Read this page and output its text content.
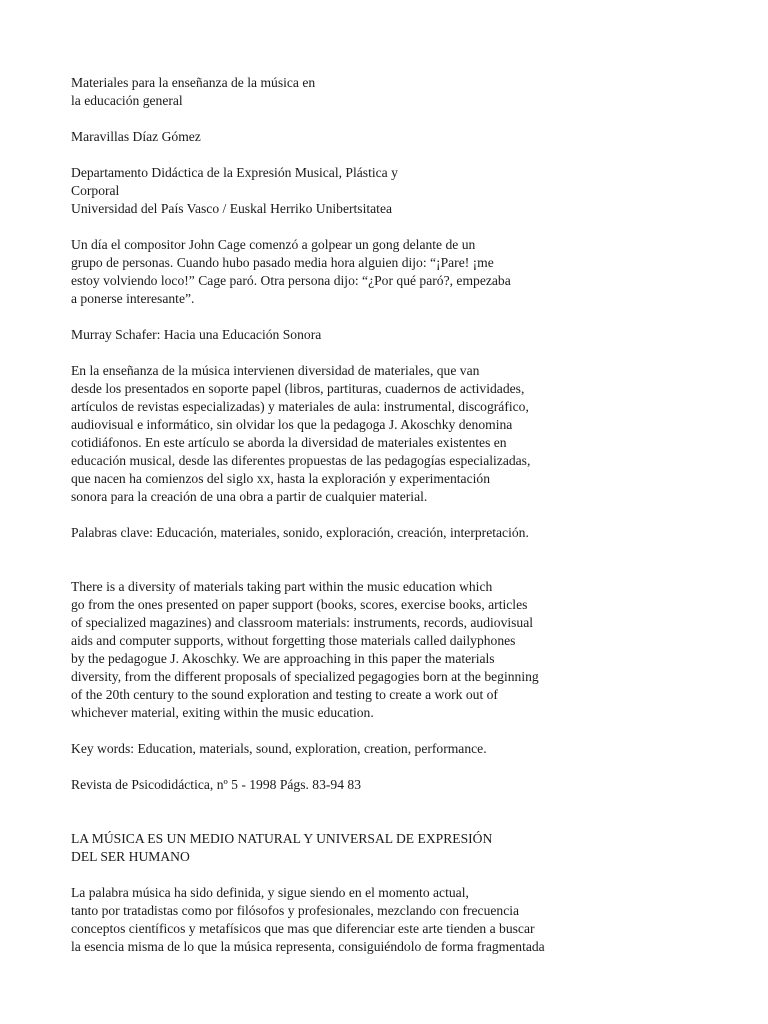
Materiales para la enseñanza de la música en
la educación general
Maravillas Díaz Gómez
Departamento Didáctica de la Expresión Musical, Plástica y
Corporal
Universidad del País Vasco / Euskal Herriko Unibertsitatea
Un día el compositor John Cage comenzó a golpear un gong delante de un
grupo de personas. Cuando hubo pasado media hora alguien dijo: “¡Pare! ¡me
estoy volviendo loco!” Cage paró. Otra persona dijo: “¿Por qué paró?, empezaba
a ponerse interesante”.
Murray Schafer: Hacia una Educación Sonora
En la enseñanza de la música intervienen diversidad de materiales, que van
desde los presentados en soporte papel (libros, partituras, cuadernos de actividades,
artículos de revistas especializadas) y materiales de aula: instrumental, discográfico,
audiovisual e informático, sin olvidar los que la pedagoga J. Akoschky denomina
cotidiáfonos. En este artículo se aborda la diversidad de materiales existentes en
educación musical, desde las diferentes propuestas de las pedagogías especializadas,
que nacen ha comienzos del siglo xx, hasta la exploración y experimentación
sonora para la creación de una obra a partir de cualquier material.
Palabras clave: Educación, materiales, sonido, exploración, creación, interpretación.
There is a diversity of materials taking part within the music education which
go from the ones presented on paper support (books, scores, exercise books, articles
of specialized magazines) and classroom materials: instruments, records, audiovisual
aids and computer supports, without forgetting those materials called dailyphones
by the pedagogue J. Akoschky. We are approaching in this paper the materials
diversity, from the different proposals of specialized pegagogies born at the beginning
of the 20th century to the sound exploration and testing to create a work out of
whichever material, exiting within the music education.
Key words: Education, materials, sound, exploration, creation, performance.
Revista de Psicodidáctica, nº 5 - 1998 Págs. 83-94 83
LA MÚSICA ES UN MEDIO NATURAL Y UNIVERSAL DE EXPRESIÓN
DEL SER HUMANO
La palabra música ha sido definida, y sigue siendo en el momento actual,
tanto por tratadistas como por filósofos y profesionales, mezclando con frecuencia
conceptos científicos y metafísicos que mas que diferenciar este arte tienden a buscar
la esencia misma de lo que la música representa, consiguiéndolo de forma fragmentada
